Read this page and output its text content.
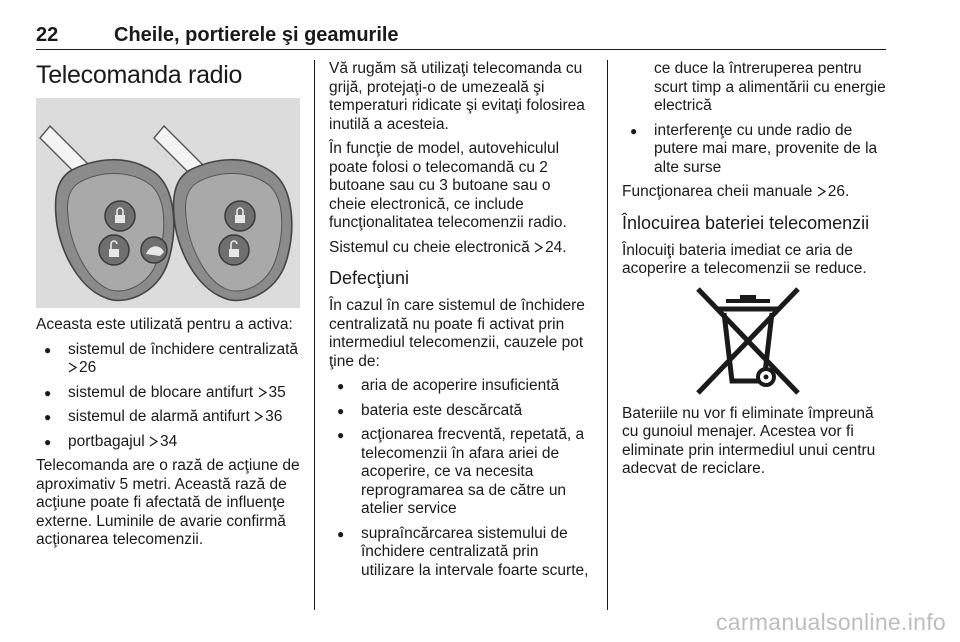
22	Cheile, portierele şi geamurile
Telecomanda radio

Aceasta este utilizată pentru a activa:

● sistemul de închidere centralizată 26
● sistemul de blocare antifurt 35
● sistemul de alarmă antifurt 36
● portbagajul 34

Telecomanda are o rază de acţiune de aproximativ 5 metri. Această rază de acţiune poate fi afectată de influenţe externe. Luminile de avarie confirmă acţionarea telecomenzii.

Vă rugăm să utilizaţi telecomanda cu grijă, protejaţi-o de umezeală şi temperaturi ridicate şi evitaţi folosirea inutilă a acesteia.

În funcţie de model, autovehiculul poate folosi o telecomandă cu 2 butoane sau cu 3 butoane sau o cheie electronică, ce include funcţionalitatea telecomenzii radio.

Sistemul cu cheie electronică 24.

Defecţiuni

În cazul în care sistemul de închidere centralizată nu poate fi activat prin intermediul telecomenzii, cauzele pot ţine de:

● aria de acoperire insuficientă
● bateria este descărcată
● acţionarea frecventă, repetată, a telecomenzii în afara ariei de acoperire, ce va necesita reprogramarea sa de către un atelier service
● supraîncărcarea sistemului de închidere centralizată prin utilizare la intervale foarte scurte,

ce duce la întreruperea pentru scurt timp a alimentării cu energie electrică

● interferenţe cu unde radio de putere mai mare, provenite de la alte surse

Funcţionarea cheii manuale 26.

Înlocuirea bateriei telecomenzii

Înlocuiţi bateria imediat ce aria de acoperire a telecomenzii se reduce.

Bateriile nu vor fi eliminate împreună cu gunoiul menajer. Acestea vor fi eliminate prin intermediul unui centru adecvat de reciclare.

carmanualsonline.info
